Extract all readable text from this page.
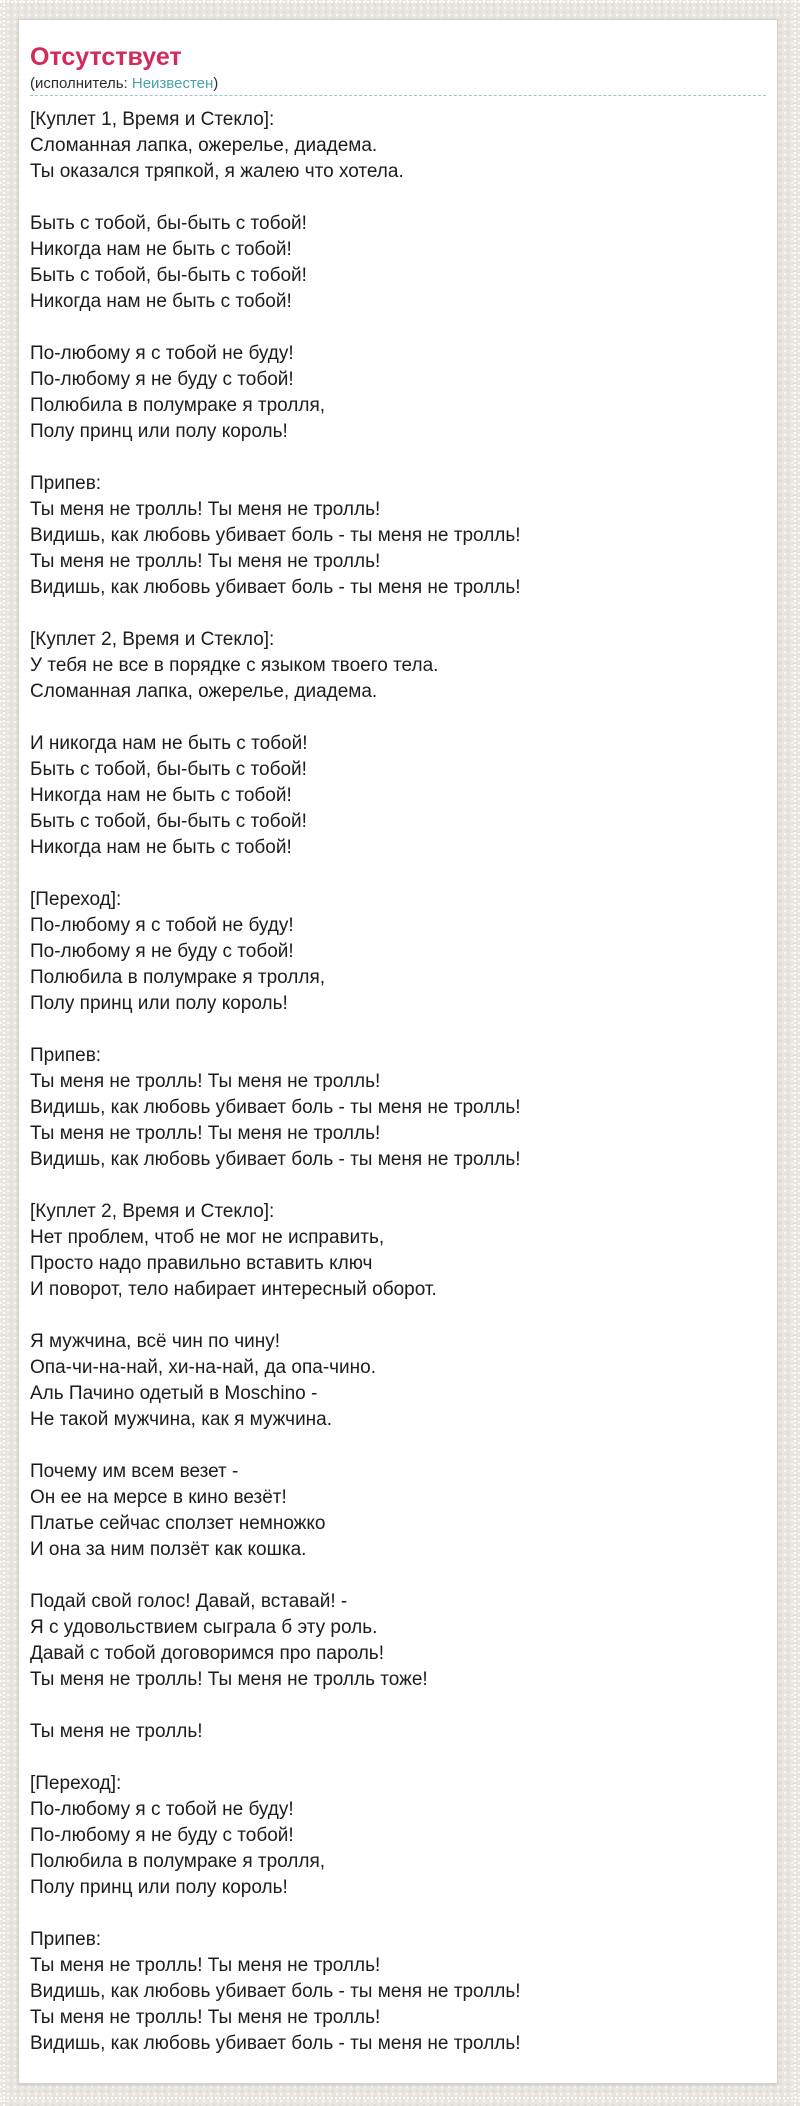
Отсутствует
(исполнитель: Неизвестен)
[Куплет 1, Время и Стекло]:
Сломанная лапка, ожерелье, диадема.
Ты оказался тряпкой, я жалею что хотела.

Быть с тобой, бы-быть с тобой!
Никогда нам не быть с тобой!
Быть с тобой, бы-быть с тобой!
Никогда нам не быть с тобой!

По-любому я с тобой не буду!
По-любому я не буду с тобой!
Полюбила в полумраке я тролля,
Полу принц или полу король!

Припев:
Ты меня не тролль! Ты меня не тролль!
Видишь, как любовь убивает боль - ты меня не тролль!
Ты меня не тролль! Ты меня не тролль!
Видишь, как любовь убивает боль - ты меня не тролль!

[Куплет 2, Время и Стекло]:
У тебя не все в порядке с языком твоего тела.
Сломанная лапка, ожерелье, диадема.

И никогда нам не быть с тобой!
Быть с тобой, бы-быть с тобой!
Никогда нам не быть с тобой!
Быть с тобой, бы-быть с тобой!
Никогда нам не быть с тобой!

[Переход]:
По-любому я с тобой не буду!
По-любому я не буду с тобой!
Полюбила в полумраке я тролля,
Полу принц или полу король!

Припев:
Ты меня не тролль! Ты меня не тролль!
Видишь, как любовь убивает боль - ты меня не тролль!
Ты меня не тролль! Ты меня не тролль!
Видишь, как любовь убивает боль - ты меня не тролль!

[Куплет 2, Время и Стекло]:
Нет проблем, чтоб не мог не исправить,
Просто надо правильно вставить ключ
И поворот, тело набирает интересный оборот.

Я мужчина, всё чин по чину!
Опа-чи-на-най, хи-на-най, да опа-чино.
Аль Пачино одетый в Moschino -
Не такой мужчина, как я мужчина.

Почему им всем везет -
Он ее на мерсе в кино везёт!
Платье сейчас сползет немножко
И она за ним ползёт как кошка.

Подай свой голос! Давай, вставай! -
Я с удовольствием сыграла б эту роль.
Давай с тобой договоримся про пароль!
Ты меня не тролль! Ты меня не тролль тоже!

Ты меня не тролль!

[Переход]:
По-любому я с тобой не буду!
По-любому я не буду с тобой!
Полюбила в полумраке я тролля,
Полу принц или полу король!

Припев:
Ты меня не тролль! Ты меня не тролль!
Видишь, как любовь убивает боль - ты меня не тролль!
Ты меня не тролль! Ты меня не тролль!
Видишь, как любовь убивает боль - ты меня не тролль!
